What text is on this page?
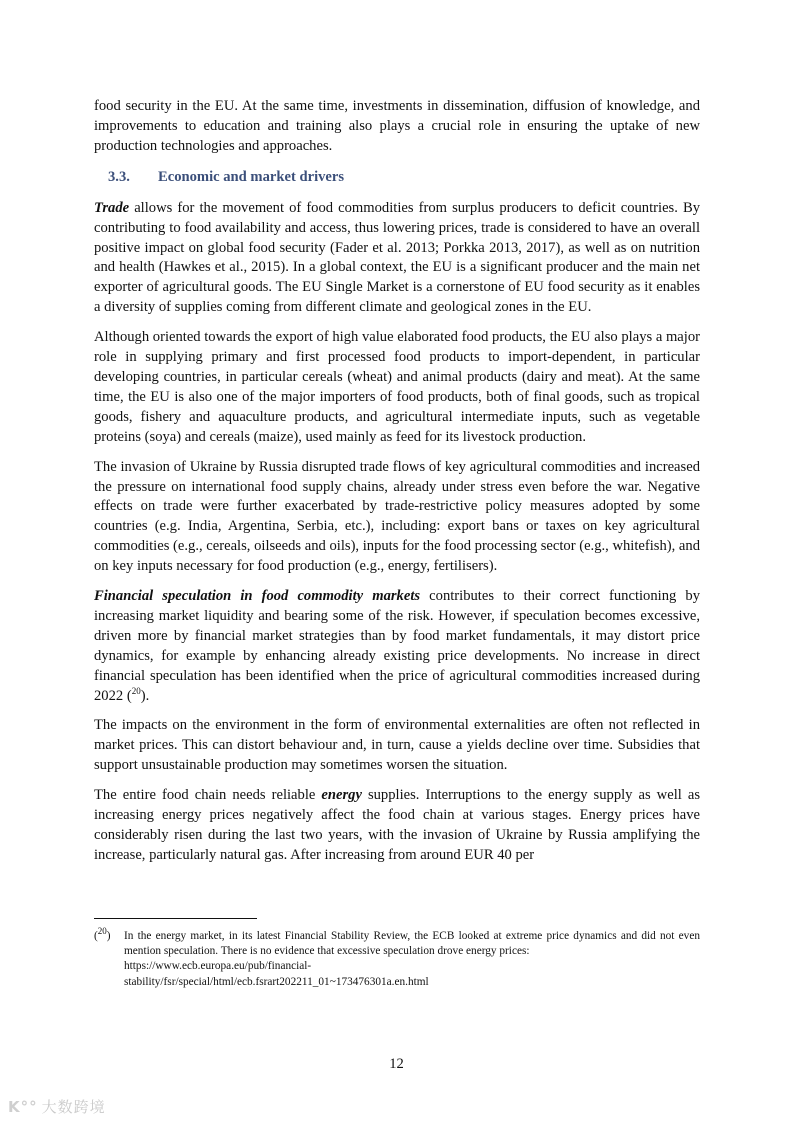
food security in the EU. At the same time, investments in dissemination, diffusion of knowledge, and improvements to education and training also plays a crucial role in ensuring the uptake of new production technologies and approaches.

3.3. Economic and market drivers

Trade allows for the movement of food commodities from surplus producers to deficit countries. By contributing to food availability and access, thus lowering prices, trade is considered to have an overall positive impact on global food security (Fader et al. 2013; Porkka 2013, 2017), as well as on nutrition and health (Hawkes et al., 2015). In a global context, the EU is a significant producer and the main net exporter of agricultural goods. The EU Single Market is a cornerstone of EU food security as it enables a diversity of supplies coming from different climate and geological zones in the EU.

Although oriented towards the export of high value elaborated food products, the EU also plays a major role in supplying primary and first processed food products to import-dependent, in particular developing countries, in particular cereals (wheat) and animal products (dairy and meat). At the same time, the EU is also one of the major importers of food products, both of final goods, such as tropical goods, fishery and aquaculture products, and agricultural intermediate inputs, such as vegetable proteins (soya) and cereals (maize), used mainly as feed for its livestock production.

The invasion of Ukraine by Russia disrupted trade flows of key agricultural commodities and increased the pressure on international food supply chains, already under stress even before the war. Negative effects on trade were further exacerbated by trade-restrictive policy measures adopted by some countries (e.g. India, Argentina, Serbia, etc.), including: export bans or taxes on key agricultural commodities (e.g., cereals, oilseeds and oils), inputs for the food processing sector (e.g., whitefish), and on key inputs necessary for food production (e.g., energy, fertilisers).

Financial speculation in food commodity markets contributes to their correct functioning by increasing market liquidity and bearing some of the risk. However, if speculation becomes excessive, driven more by financial market strategies than by food market fundamentals, it may distort price dynamics, for example by enhancing already existing price developments. No increase in direct financial speculation has been identified when the price of agricultural commodities increased during 2022 ($^{20}$).

The impacts on the environment in the form of environmental externalities are often not reflected in market prices. This can distort behaviour and, in turn, cause a yields decline over time. Subsidies that support unsustainable production may sometimes worsen the situation.

The entire food chain needs reliable energy supplies. Interruptions to the energy supply as well as increasing energy prices negatively affect the food chain at various stages. Energy prices have considerably risen during the last two years, with the invasion of Ukraine by Russia amplifying the increase, particularly natural gas. After increasing from around EUR 40 per

($^{20}$)	In the energy market, in its latest Financial Stability Review, the ECB looked at extreme price dynamics and did not even mention speculation. There is no evidence that excessive speculation drove energy prices:
https://www.ecb.europa.eu/pub/financial-
stability/fsr/special/html/ecb.fsrart202211_01~173476301a.en.html
12
K°° 大数跨境
